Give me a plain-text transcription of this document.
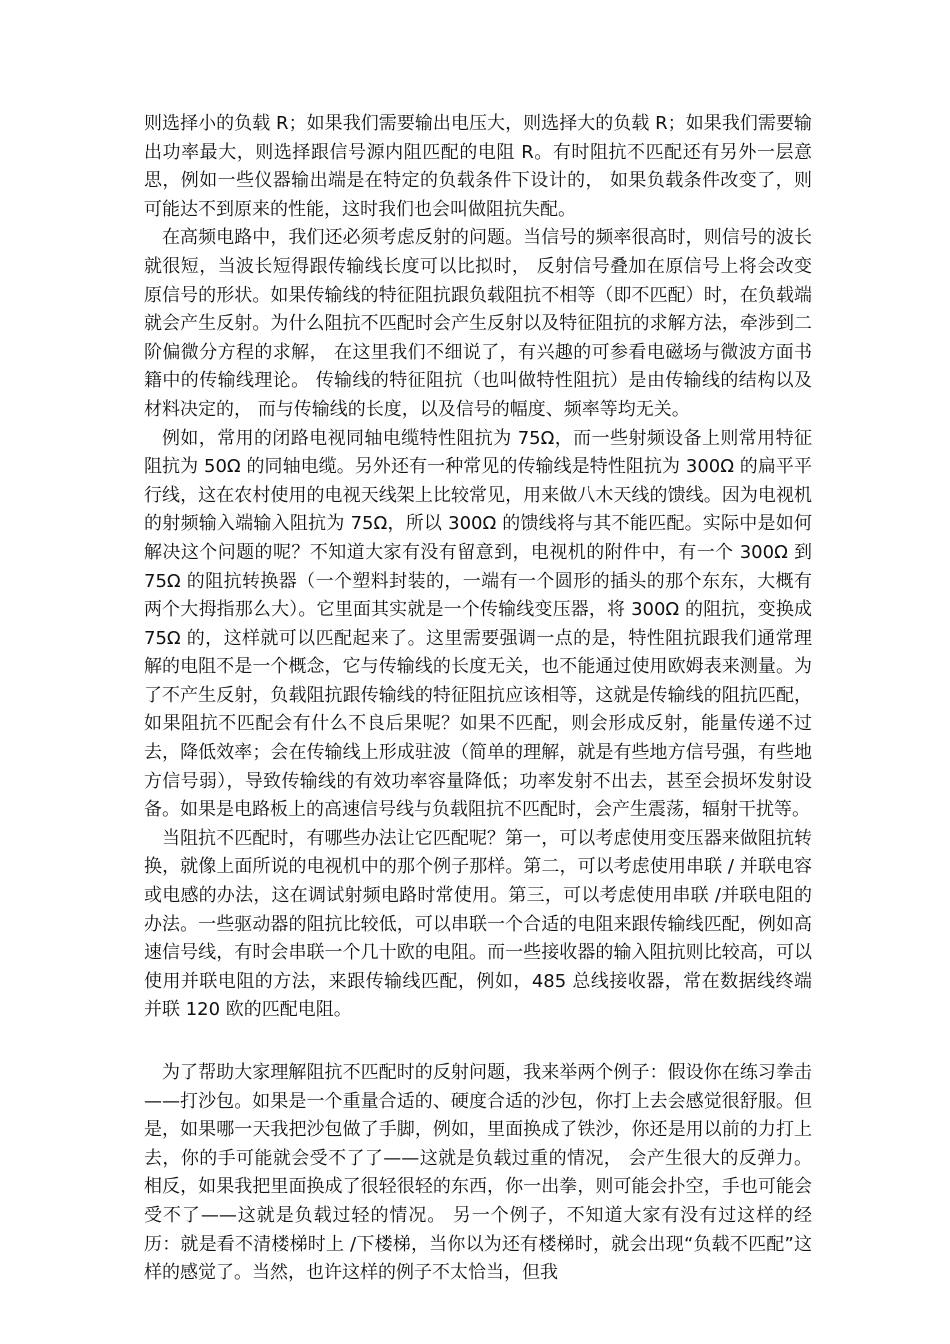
则选择小的负载 R；如果我们需要输出电压大，则选择大的负载 R；如果我们需要输出功率最大，则选择跟信号源内阻匹配的电阻 R。有时阻抗不匹配还有另外一层意思，例如一些仪器输出端是在特定的负载条件下设计的， 如果负载条件改变了，则可能达不到原来的性能，这时我们也会叫做阻抗失配。

在高频电路中，我们还必须考虑反射的问题。当信号的频率很高时，则信号的波长就很短，当波长短得跟传输线长度可以比拟时， 反射信号叠加在原信号上将会改变原信号的形状。如果传输线的特征阻抗跟负载阻抗不相等（即不匹配）时，在负载端就会产生反射。为什么阻抗不匹配时会产生反射以及特征阻抗的求解方法，牵涉到二阶偏微分方程的求解， 在这里我们不细说了，有兴趣的可参看电磁场与微波方面书籍中的传输线理论。 传输线的特征阻抗（也叫做特性阻抗）是由传输线的结构以及材料决定的， 而与传输线的长度，以及信号的幅度、频率等均无关。

例如，常用的闭路电视同轴电缆特性阻抗为 75Ω，而一些射频设备上则常用特征阻抗为 50Ω 的同轴电缆。另外还有一种常见的传输线是特性阻抗为 300Ω 的扁平平行线，这在农村使用的电视天线架上比较常见，用来做八木天线的馈线。因为电视机的射频输入端输入阻抗为 75Ω，所以 300Ω 的馈线将与其不能匹配。实际中是如何解决这个问题的呢？不知道大家有没有留意到，电视机的附件中，有一个 300Ω 到 75Ω 的阻抗转换器（一个塑料封装的，一端有一个圆形的插头的那个东东，大概有两个大拇指那么大）。它里面其实就是一个传输线变压器，将 300Ω 的阻抗，变换成 75Ω 的，这样就可以匹配起来了。这里需要强调一点的是，特性阻抗跟我们通常理解的电阻不是一个概念，它与传输线的长度无关，也不能通过使用欧姆表来测量。为了不产生反射，负载阻抗跟传输线的特征阻抗应该相等，这就是传输线的阻抗匹配，如果阻抗不匹配会有什么不良后果呢？如果不匹配，则会形成反射，能量传递不过去，降低效率；会在传输线上形成驻波（简单的理解，就是有些地方信号强，有些地方信号弱），导致传输线的有效功率容量降低；功率发射不出去，甚至会损坏发射设备。如果是电路板上的高速信号线与负载阻抗不匹配时，会产生震荡，辐射干扰等。

当阻抗不匹配时，有哪些办法让它匹配呢？第一，可以考虑使用变压器来做阻抗转换，就像上面所说的电视机中的那个例子那样。第二，可以考虑使用串联 / 并联电容或电感的办法，这在调试射频电路时常使用。第三，可以考虑使用串联 /并联电阻的办法。一些驱动器的阻抗比较低，可以串联一个合适的电阻来跟传输线匹配，例如高速信号线，有时会串联一个几十欧的电阻。而一些接收器的输入阻抗则比较高，可以使用并联电阻的方法，来跟传输线匹配，例如，485 总线接收器，常在数据线终端并联 120 欧的匹配电阻。

为了帮助大家理解阻抗不匹配时的反射问题，我来举两个例子：假设你在练习拳击——打沙包。如果是一个重量合适的、硬度合适的沙包，你打上去会感觉很舒服。但是，如果哪一天我把沙包做了手脚，例如，里面换成了铁沙，你还是用以前的力打上去，你的手可能就会受不了了——这就是负载过重的情况， 会产生很大的反弹力。相反，如果我把里面换成了很轻很轻的东西，你一出拳，则可能会扑空，手也可能会受不了——这就是负载过轻的情况。 另一个例子，不知道大家有没有过这样的经历：就是看不清楼梯时上 /下楼梯，当你以为还有楼梯时，就会出现“负载不匹配”这样的感觉了。当然，也许这样的例子不太恰当，但我
